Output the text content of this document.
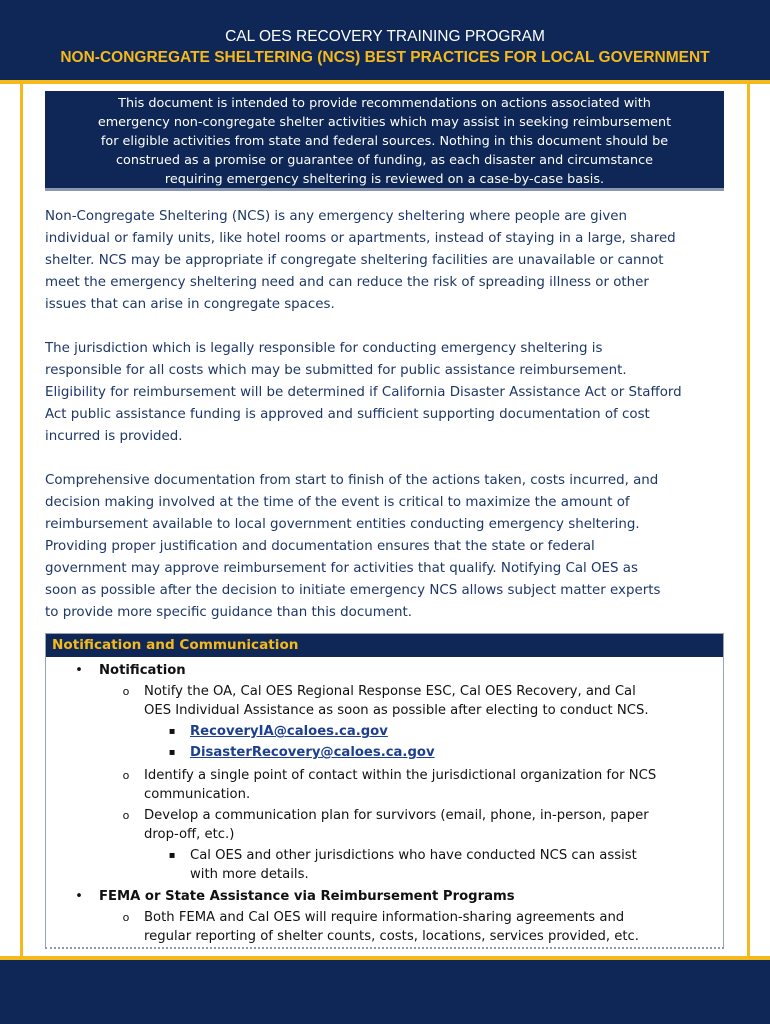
CAL OES RECOVERY TRAINING PROGRAM
NON-CONGREGATE SHELTERING (NCS) BEST PRACTICES FOR LOCAL GOVERNMENT
This document is intended to provide recommendations on actions associated with
emergency non-congregate shelter activities which may assist in seeking reimbursement
for eligible activities from state and federal sources. Nothing in this document should be
construed as a promise or guarantee of funding, as each disaster and circumstance
requiring emergency sheltering is reviewed on a case-by-case basis.
Non-Congregate Sheltering (NCS) is any emergency sheltering where people are given
individual or family units, like hotel rooms or apartments, instead of staying in a large, shared
shelter. NCS may be appropriate if congregate sheltering facilities are unavailable or cannot
meet the emergency sheltering need and can reduce the risk of spreading illness or other
issues that can arise in congregate spaces.
The jurisdiction which is legally responsible for conducting emergency sheltering is
responsible for all costs which may be submitted for public assistance reimbursement.
Eligibility for reimbursement will be determined if California Disaster Assistance Act or Stafford
Act public assistance funding is approved and sufficient supporting documentation of cost
incurred is provided.
Comprehensive documentation from start to finish of the actions taken, costs incurred, and
decision making involved at the time of the event is critical to maximize the amount of
reimbursement available to local government entities conducting emergency sheltering.
Providing proper justification and documentation ensures that the state or federal
government may approve reimbursement for activities that qualify. Notifying Cal OES as
soon as possible after the decision to initiate emergency NCS allows subject matter experts
to provide more specific guidance than this document.
Notification and Communication
• Notification
o Notify the OA, Cal OES Regional Response ESC, Cal OES Recovery, and Cal
OES Individual Assistance as soon as possible after electing to conduct NCS.
▪ RecoveryIA@caloes.ca.gov
▪ DisasterRecovery@caloes.ca.gov
o Identify a single point of contact within the jurisdictional organization for NCS
communication.
o Develop a communication plan for survivors (email, phone, in-person, paper
drop-off, etc.)
▪ Cal OES and other jurisdictions who have conducted NCS can assist
with more details.
• FEMA or State Assistance via Reimbursement Programs
o Both FEMA and Cal OES will require information-sharing agreements and
regular reporting of shelter counts, costs, locations, services provided, etc.
